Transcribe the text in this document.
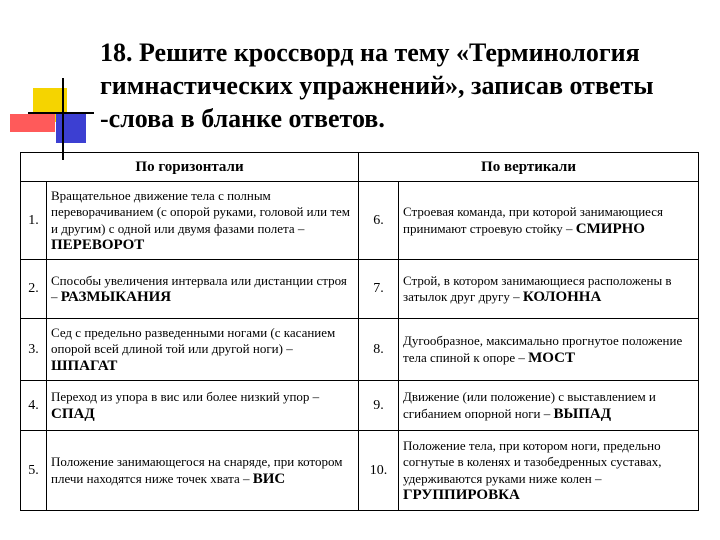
18. Решите кроссворд на тему «Терминология гимнастических упражнений», записав ответы -слова в бланке ответов.
По горизонтали		По вертикали	
1.	Вращательное движение тела с полным переворачиванием (с опорой руками, головой или тем и другим) с одной или двумя фазами полета – ПЕРЕВОРОТ	6.	Строевая команда, при которой занимающиеся принимают строевую стойку – СМИРНО
2.	Способы увеличения интервала или дистанции строя – РАЗМЫКАНИЯ	7.	Строй, в котором занимающиеся расположены в затылок друг другу – КОЛОННА
3.	Сед с предельно разведенными ногами (с касанием опорой всей длиной той или другой ноги) – ШПАГАТ	8.	Дугообразное, максимально прогнутое положение тела спиной к опоре – МОСТ
4.	Переход из упора в вис или более низкий упор – СПАД	9.	Движение (или положение) с выставлением и сгибанием опорной ноги – ВЫПАД
5.	Положение занимающегося на снаряде, при котором плечи находятся ниже точек хвата – ВИС	10.	Положение тела, при котором ноги, предельно согнутые в коленях и тазобедренных суставах, удерживаются руками ниже колен – ГРУППИРОВКА
